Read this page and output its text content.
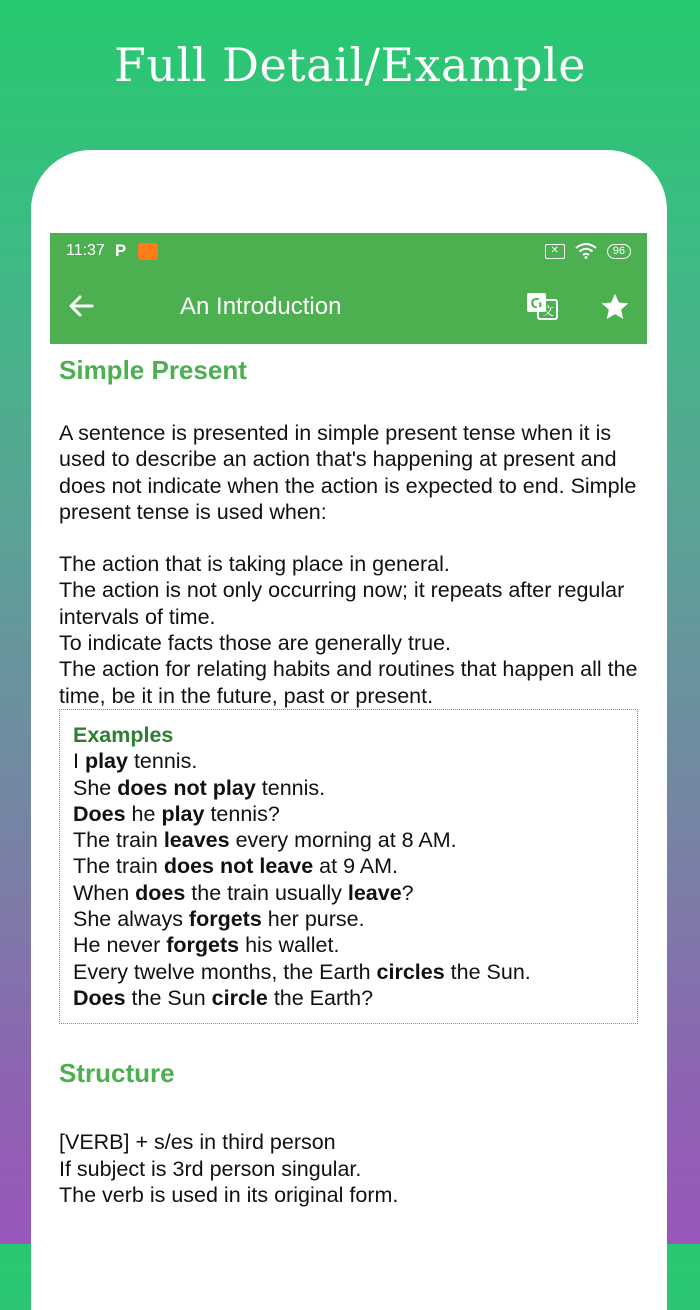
Full Detail/Example
11:37 P	✕	96
An Introduction	G 文
Simple Present

A sentence is presented in simple present tense when it is used to describe an action that's happening at present and does not indicate when the action is expected to end. Simple present tense is used when:

The action that is taking place in general.
The action is not only occurring now; it repeats after regular intervals of time.
To indicate facts those are generally true.
The action for relating habits and routines that happen all the time, be it in the future, past or present.
Examples
I play tennis.
She does not play tennis.
Does he play tennis?
The train leaves every morning at 8 AM.
The train does not leave at 9 AM.
When does the train usually leave?
She always forgets her purse.
He never forgets his wallet.
Every twelve months, the Earth circles the Sun.
Does the Sun circle the Earth?
Structure
[VERB] + s/es in third person
If subject is 3rd person singular.
The verb is used in its original form.
